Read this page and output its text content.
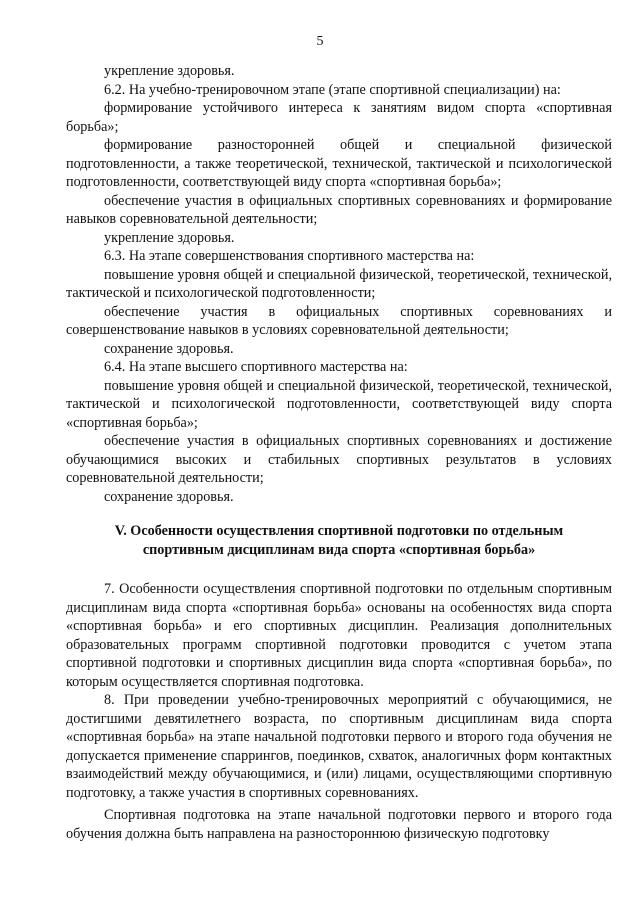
5

укрепление здоровья.

6.2. На учебно-тренировочном этапе (этапе спортивной специализации) на:

формирование устойчивого интереса к занятиям видом спорта «спортивная борьба»;

формирование разносторонней общей и специальной физической подготовленности, а также теоретической, технической, тактической и психологической подготовленности, соответствующей виду спорта «спортивная борьба»;

обеспечение участия в официальных спортивных соревнованиях и формирование навыков соревновательной деятельности;

укрепление здоровья.

6.3. На этапе совершенствования спортивного мастерства на:

повышение уровня общей и специальной физической, теоретической, технической, тактической и психологической подготовленности;

обеспечение участия в официальных спортивных соревнованиях и совершенствование навыков в условиях соревновательной деятельности;

сохранение здоровья.

6.4. На этапе высшего спортивного мастерства на:

повышение уровня общей и специальной физической, теоретической, технической, тактической и психологической подготовленности, соответствующей виду спорта «спортивная борьба»;

обеспечение участия в официальных спортивных соревнованиях и достижение обучающимися высоких и стабильных спортивных результатов в условиях соревновательной деятельности;

сохранение здоровья.

V. Особенности осуществления спортивной подготовки по отдельным
спортивным дисциплинам вида спорта «спортивная борьба»

7. Особенности осуществления спортивной подготовки по отдельным спортивным дисциплинам вида спорта «спортивная борьба» основаны на особенностях вида спорта «спортивная борьба» и его спортивных дисциплин. Реализация дополнительных образовательных программ спортивной подготовки проводится с учетом этапа спортивной подготовки и спортивных дисциплин вида спорта «спортивная борьба», по которым осуществляется спортивная подготовка.

8. При проведении учебно-тренировочных мероприятий с обучающимися, не достигшими девятилетнего возраста, по спортивным дисциплинам вида спорта «спортивная борьба» на этапе начальной подготовки первого и второго года обучения не допускается применение спаррингов, поединков, схваток, аналогичных форм контактных взаимодействий между обучающимися, и (или) лицами, осуществляющими спортивную подготовку, а также участия в спортивных соревнованиях.

Спортивная подготовка на этапе начальной подготовки первого и второго года обучения должна быть направлена на разностороннюю физическую подготовку
